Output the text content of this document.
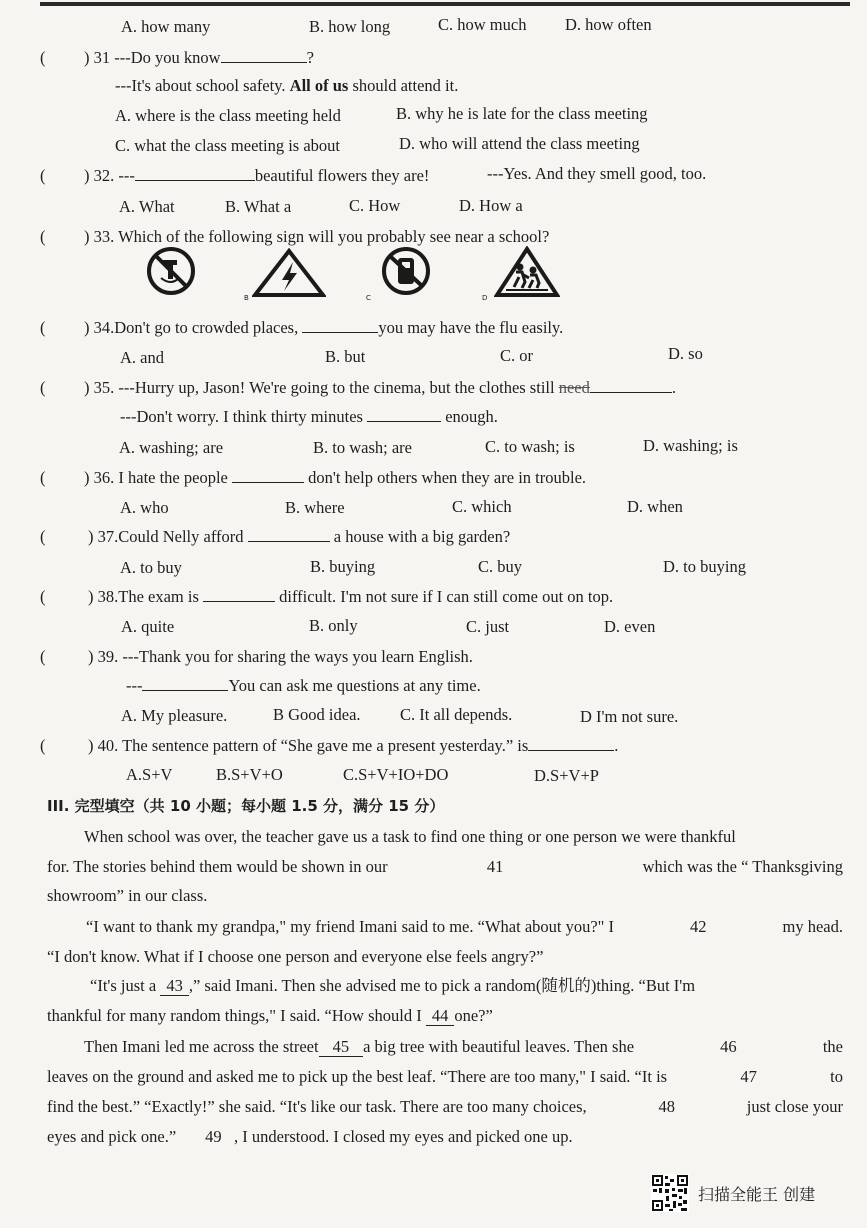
A. how many	B. how long	C. how much D. how often
( ) 31 ---Do you know	?
---It's about school safety. All of us should attend it.
A. where is the class meeting held	B. why he is late for the class meeting
C. what the class meeting is about	D. who will attend the class meeting
( ) 32. ---	beautiful flowers they are!	---Yes. And they smell good, too.
A. What	B. What a	C. How	D. How a
( ) 33. Which of the following sign will you probably see near a school?
B	C	D
( ) 34.Don't go to crowded places,	you may have the flu easily.
A. and	B. but	C. or	D. so
( ) 35. ---Hurry up, Jason! We're going to the cinema, but the clothes still need	.
---Don't worry. I think thirty minutes	enough.
A. washing; are	B. to wash; are	C. to wash; is	D. washing; is
( ) 36. I hate the people	don't help others when they are in trouble.
A. who	B. where	C. which	D. when
(	) 37.Could Nelly afford	a house with a big garden?
A. to buy	B. buying	C. buy	D. to buying
(	) 38.The exam is	difficult. I'm not sure if I can still come out on top.
A. quite	B. only	C. just	D. even
(	) 39. ---Thank you for sharing the ways you learn English.
---	You can ask me questions at any time.
A. My pleasure.	B Good idea. C. It all depends.	D I'm not sure.
(	) 40. The sentence pattern of “She gave me a present yesterday.” is	.
A.S+V	B.S+V+O	C.S+V+IO+DO	D.S+V+P
III. 完型填空（共 10 小题；每小题 1.5 分，满分 15 分）
When school was over, the teacher gave us a task to find one thing or one person we were thankful
for. The stories behind them would be shown in our	41	which was the “ Thanksgiving
showroom” in our class.
“I want to thank my grandpa," my friend Imani said to me. “What about you?" I	42	my head.
“I don't know. What if I choose one person and everyone else feels angry?”
“It's just a 43 ,” said Imani. Then she advised me to pick a random(随机的)thing. “But I'm
thankful for many random things," I said. “How should I 44 one?”
Then Imani led me across the street 45 a big tree with beautiful leaves. Then she	46	the
leaves on the ground and asked me to pick up the best leaf. “There are too many," I said. “It is	47	to
find the best.” “Exactly!” she said. “It's like our task. There are too many choices,	48	just close your
eyes and pick one.” 49 , I understood. I closed my eyes and picked one up.
扫描全能王 创建
